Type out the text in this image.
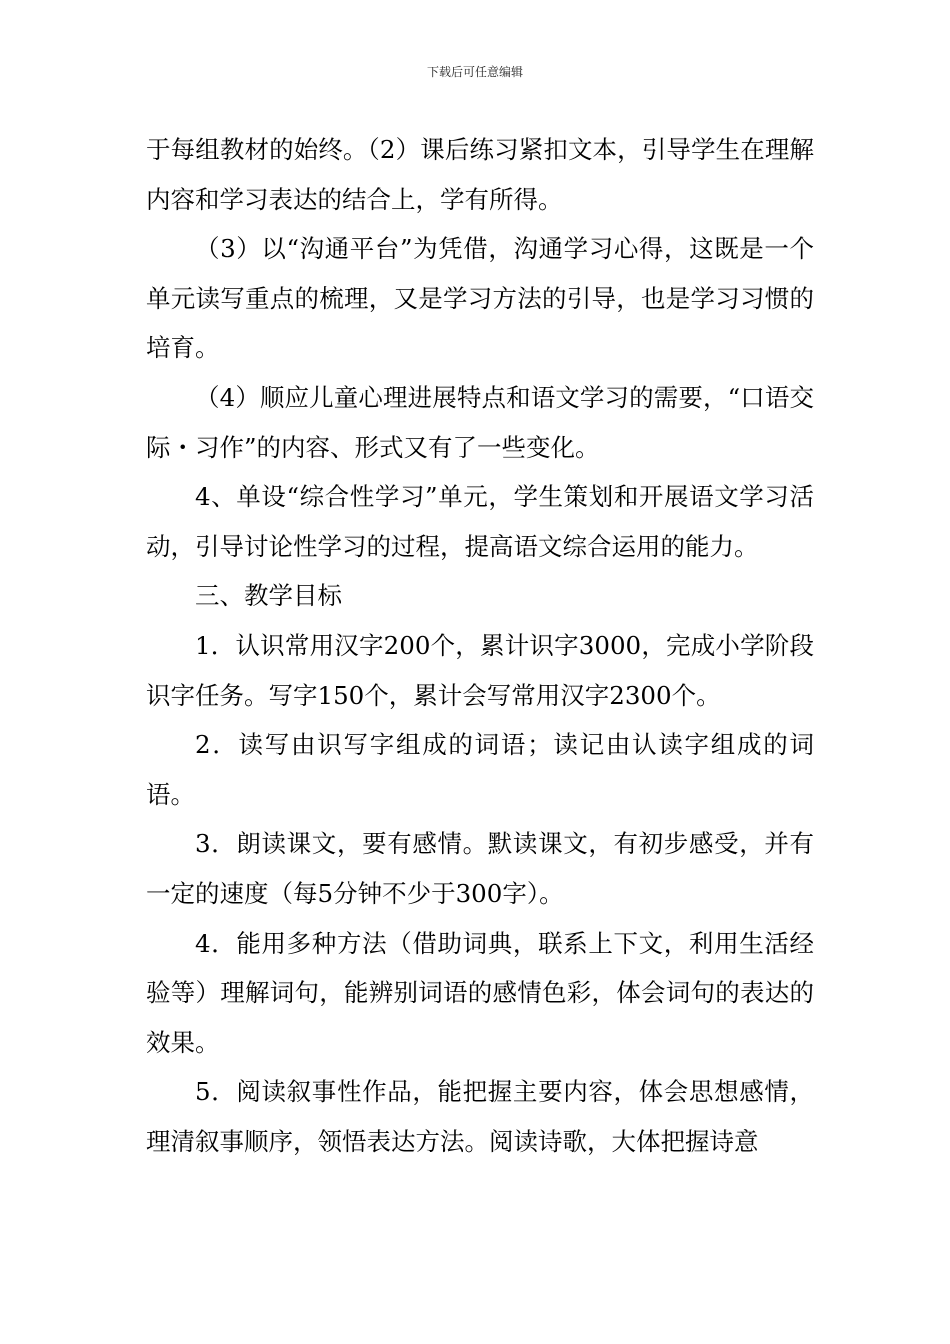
下载后可任意编辑

于每组教材的始终。（2）课后练习紧扣文本，引导学生在理解内容和学习表达的结合上，学有所得。

（3）以“沟通平台”为凭借，沟通学习心得，这既是一个单元读写重点的梳理，又是学习方法的引导，也是学习习惯的培育。

（4）顺应儿童心理进展特点和语文学习的需要，“口语交际・习作”的内容、形式又有了一些变化。

4、单设“综合性学习”单元，学生策划和开展语文学习活动，引导讨论性学习的过程，提高语文综合运用的能力。

三、教学目标

1．认识常用汉字200个，累计识字3000，完成小学阶段识字任务。写字150个，累计会写常用汉字2300个。

2．读写由识写字组成的词语；读记由认读字组成的词语。

3．朗读课文，要有感情。默读课文，有初步感受，并有一定的速度（每5分钟不少于300字）。

4．能用多种方法（借助词典，联系上下文，利用生活经验等）理解词句，能辨别词语的感情色彩，体会词句的表达的效果。

5．阅读叙事性作品，能把握主要内容，体会思想感情，理清叙事顺序，领悟表达方法。阅读诗歌，大体把握诗意
